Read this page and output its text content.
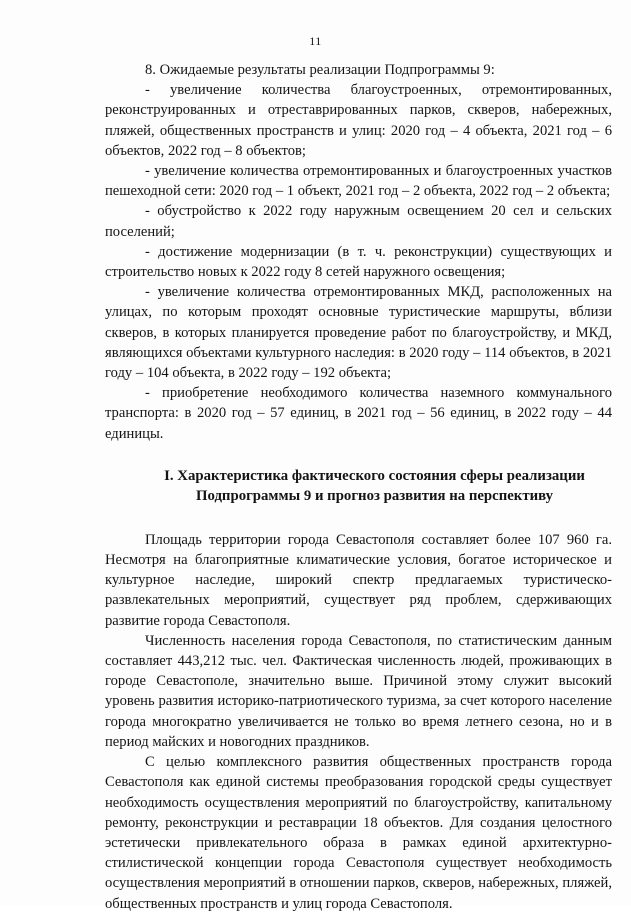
11

8. Ожидаемые результаты реализации Подпрограммы 9:

- увеличение количества благоустроенных, отремонтированных, реконструированных и отреставрированных парков, скверов, набережных, пляжей, общественных пространств и улиц: 2020 год – 4 объекта, 2021 год – 6 объектов, 2022 год – 8 объектов;

- увеличение количества отремонтированных и благоустроенных участков пешеходной сети: 2020 год – 1 объект, 2021 год – 2 объекта, 2022 год – 2 объекта;

- обустройство к 2022 году наружным освещением 20 сел и сельских поселений;

- достижение модернизации (в т. ч. реконструкции) существующих и строительство новых к 2022 году 8 сетей наружного освещения;

- увеличение количества отремонтированных МКД, расположенных на улицах, по которым проходят основные туристические маршруты, вблизи скверов, в которых планируется проведение работ по благоустройству, и МКД, являющихся объектами культурного наследия: в 2020 году – 114 объектов, в 2021 году – 104 объекта, в 2022 году – 192 объекта;

- приобретение необходимого количества наземного коммунального транспорта: в 2020 год – 57 единиц, в 2021 год – 56 единиц, в 2022 году – 44 единицы.

I. Характеристика фактического состояния сферы реализации
Подпрограммы 9 и прогноз развития на перспективу

Площадь территории города Севастополя составляет более 107 960 га. Несмотря на благоприятные климатические условия, богатое историческое и культурное наследие, широкий спектр предлагаемых туристическо-развлекательных мероприятий, существует ряд проблем, сдерживающих развитие города Севастополя.

Численность населения города Севастополя, по статистическим данным составляет 443,212 тыс. чел. Фактическая численность людей, проживающих в городе Севастополе, значительно выше. Причиной этому служит высокий уровень развития историко-патриотического туризма, за счет которого население города многократно увеличивается не только во время летнего сезона, но и в период майских и новогодних праздников.

С целью комплексного развития общественных пространств города Севастополя как единой системы преобразования городской среды существует необходимость осуществления мероприятий по благоустройству, капитальному ремонту, реконструкции и реставрации 18 объектов. Для создания целостного эстетически привлекательного образа в рамках единой архитектурно-стилистической концепции города Севастополя существует необходимость осуществления мероприятий в отношении парков, скверов, набережных, пляжей, общественных пространств и улиц города Севастополя.
